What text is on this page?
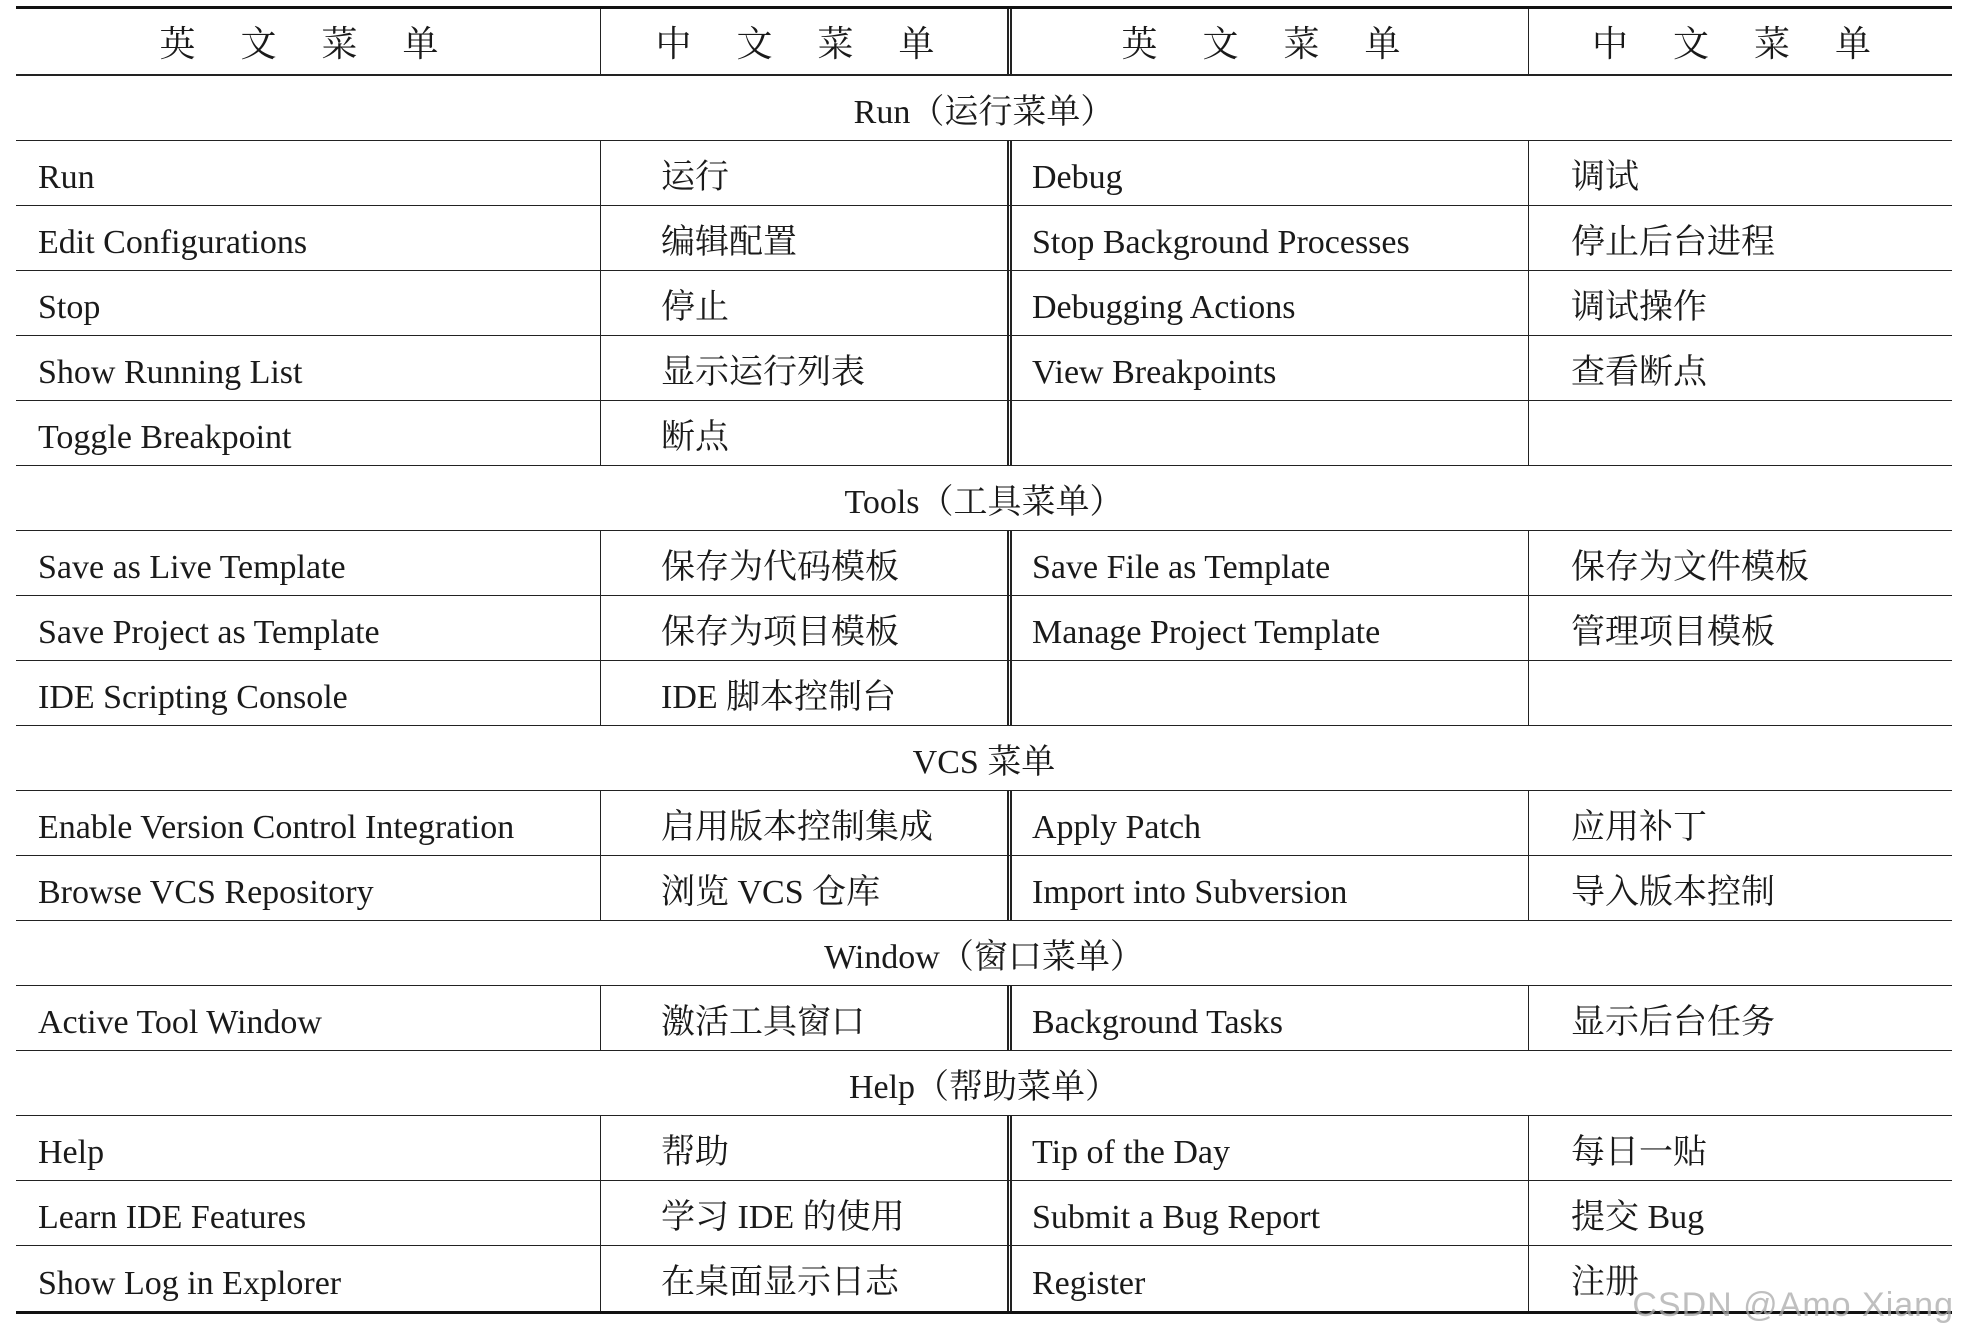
英 文 菜 单	中 文 菜 单	英 文 菜 单	中 文 菜 单
Run（运行菜单）
Run	运行	Debug	调试
Edit Configurations	编辑配置	Stop Background Processes	停止后台进程
Stop	停止	Debugging Actions	调试操作
Show Running List	显示运行列表	View Breakpoints	查看断点
Toggle Breakpoint	断点
Tools（工具菜单）
Save as Live Template	保存为代码模板	Save File as Template	保存为文件模板
Save Project as Template	保存为项目模板	Manage Project Template	管理项目模板
IDE Scripting Console	IDE 脚本控制台
VCS 菜单
Enable Version Control Integration	启用版本控制集成	Apply Patch	应用补丁
Browse VCS Repository	浏览 VCS 仓库	Import into Subversion	导入版本控制
Window（窗口菜单）
Active Tool Window	激活工具窗口	Background Tasks	显示后台任务
Help（帮助菜单）
Help	帮助	Tip of the Day	每日一贴
Learn IDE Features	学习 IDE 的使用	Submit a Bug Report	提交 Bug
Show Log in Explorer	在桌面显示日志	Register	注册
CSDN @Amo Xiang
